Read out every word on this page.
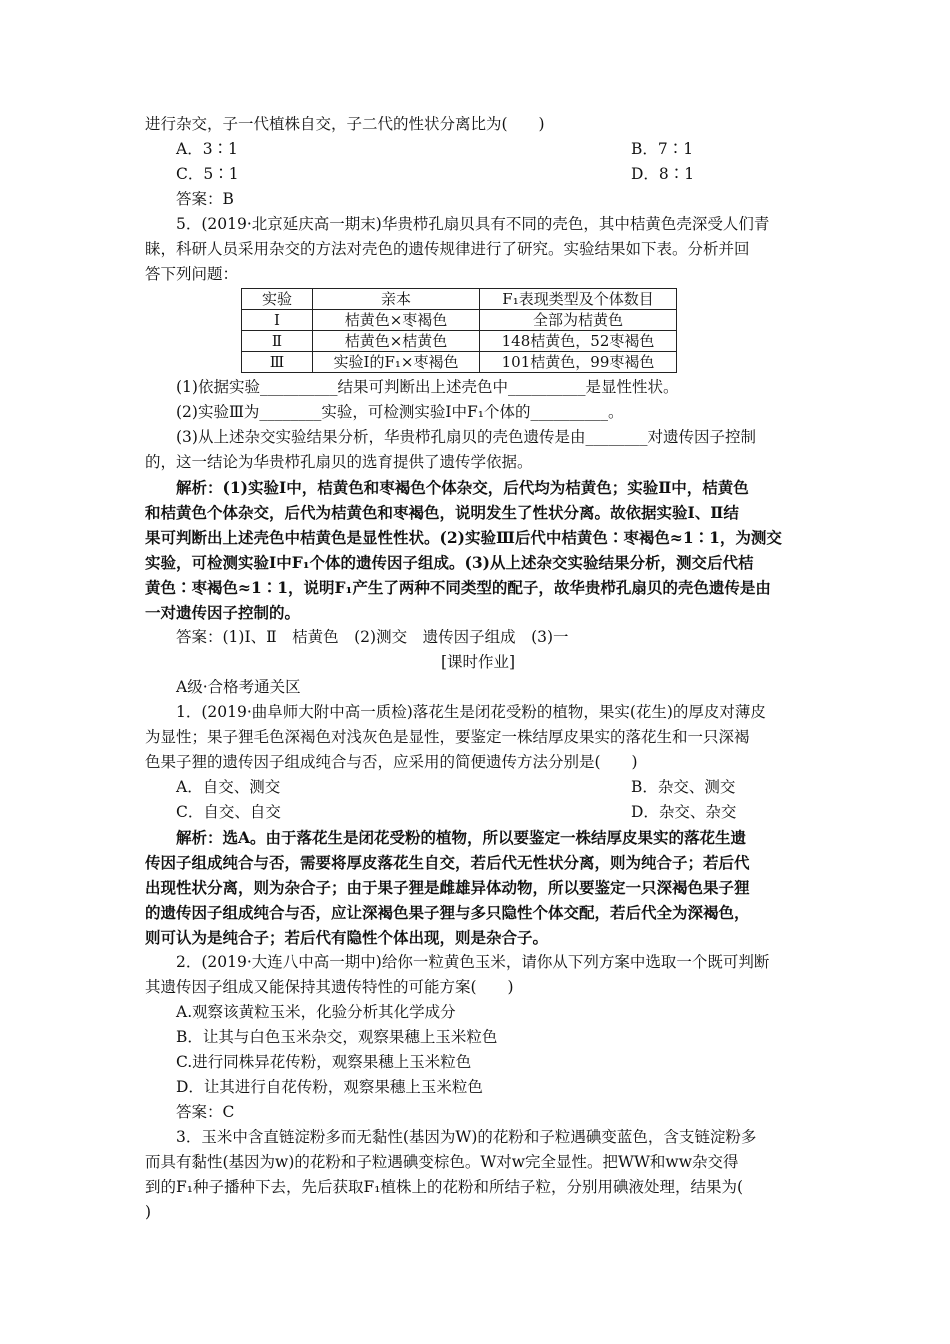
进行杂交，子一代植株自交，子二代的性状分离比为(　　)
A．3∶1	B．7∶1
C．5∶1	D．8∶1
答案：B
5．(2019·北京延庆高一期末)华贵栉孔扇贝具有不同的壳色，其中桔黄色壳深受人们青
睐，科研人员采用杂交的方法对壳色的遗传规律进行了研究。实验结果如下表。分析并回
答下列问题：
实验	亲本	F₁表现类型及个体数目
Ⅰ	桔黄色×枣褐色	全部为桔黄色
Ⅱ	桔黄色×桔黄色	148桔黄色，52枣褐色
Ⅲ	实验Ⅰ的F₁×枣褐色	101桔黄色，99枣褐色
(1)依据实验__________结果可判断出上述壳色中__________是显性性状。
(2)实验Ⅲ为________实验，可检测实验Ⅰ中F₁个体的__________。
(3)从上述杂交实验结果分析，华贵栉孔扇贝的壳色遗传是由________对遗传因子控制
的，这一结论为华贵栉孔扇贝的选育提供了遗传学依据。
解析：(1)实验Ⅰ中，桔黄色和枣褐色个体杂交，后代均为桔黄色；实验Ⅱ中，桔黄色
和桔黄色个体杂交，后代为桔黄色和枣褐色，说明发生了性状分离。故依据实验Ⅰ、Ⅱ结
果可判断出上述壳色中桔黄色是显性性状。(2)实验Ⅲ后代中桔黄色∶枣褐色≈1∶1，为测交
实验，可检测实验Ⅰ中F₁个体的遗传因子组成。(3)从上述杂交实验结果分析，测交后代桔
黄色∶枣褐色≈1∶1，说明F₁产生了两种不同类型的配子，故华贵栉孔扇贝的壳色遗传是由
一对遗传因子控制的。
答案：(1)Ⅰ、Ⅱ　桔黄色　(2)测交　遗传因子组成　(3)一
[课时作业]
A级·合格考通关区
1．(2019·曲阜师大附中高一质检)落花生是闭花受粉的植物，果实(花生)的厚皮对薄皮
为显性；果子狸毛色深褐色对浅灰色是显性，要鉴定一株结厚皮果实的落花生和一只深褐
色果子狸的遗传因子组成纯合与否，应采用的简便遗传方法分别是(　　)
A．自交、测交	B．杂交、测交
C．自交、自交	D．杂交、杂交
解析：选A。由于落花生是闭花受粉的植物，所以要鉴定一株结厚皮果实的落花生遗
传因子组成纯合与否，需要将厚皮落花生自交，若后代无性状分离，则为纯合子；若后代
出现性状分离，则为杂合子；由于果子狸是雌雄异体动物，所以要鉴定一只深褐色果子狸
的遗传因子组成纯合与否，应让深褐色果子狸与多只隐性个体交配，若后代全为深褐色，
则可认为是纯合子；若后代有隐性个体出现，则是杂合子。
2．(2019·大连八中高一期中)给你一粒黄色玉米，请你从下列方案中选取一个既可判断
其遗传因子组成又能保持其遗传特性的可能方案(　　)
A.观察该黄粒玉米，化验分析其化学成分
B．让其与白色玉米杂交，观察果穗上玉米粒色
C.进行同株异花传粉，观察果穗上玉米粒色
D．让其进行自花传粉，观察果穗上玉米粒色
答案：C
3．玉米中含直链淀粉多而无黏性(基因为W)的花粉和子粒遇碘变蓝色，含支链淀粉多
而具有黏性(基因为w)的花粉和子粒遇碘变棕色。W对w完全显性。把WW和ww杂交得
到的F₁种子播种下去，先后获取F₁植株上的花粉和所结子粒，分别用碘液处理，结果为(
)
